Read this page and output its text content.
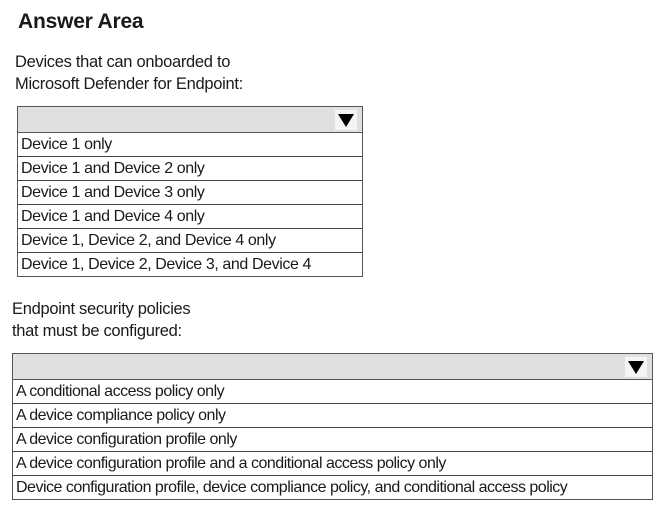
Answer Area
Devices that can onboarded to
Microsoft Defender for Endpoint:
Device 1 only
Device 1 and Device 2 only
Device 1 and Device 3 only
Device 1 and Device 4 only
Device 1, Device 2, and Device 4 only
Device 1, Device 2, Device 3, and Device 4
Endpoint security policies
that must be configured:
A conditional access policy only
A device compliance policy only
A device configuration profile only
A device configuration profile and a conditional access policy only
Device configuration profile, device compliance policy, and conditional access policy
